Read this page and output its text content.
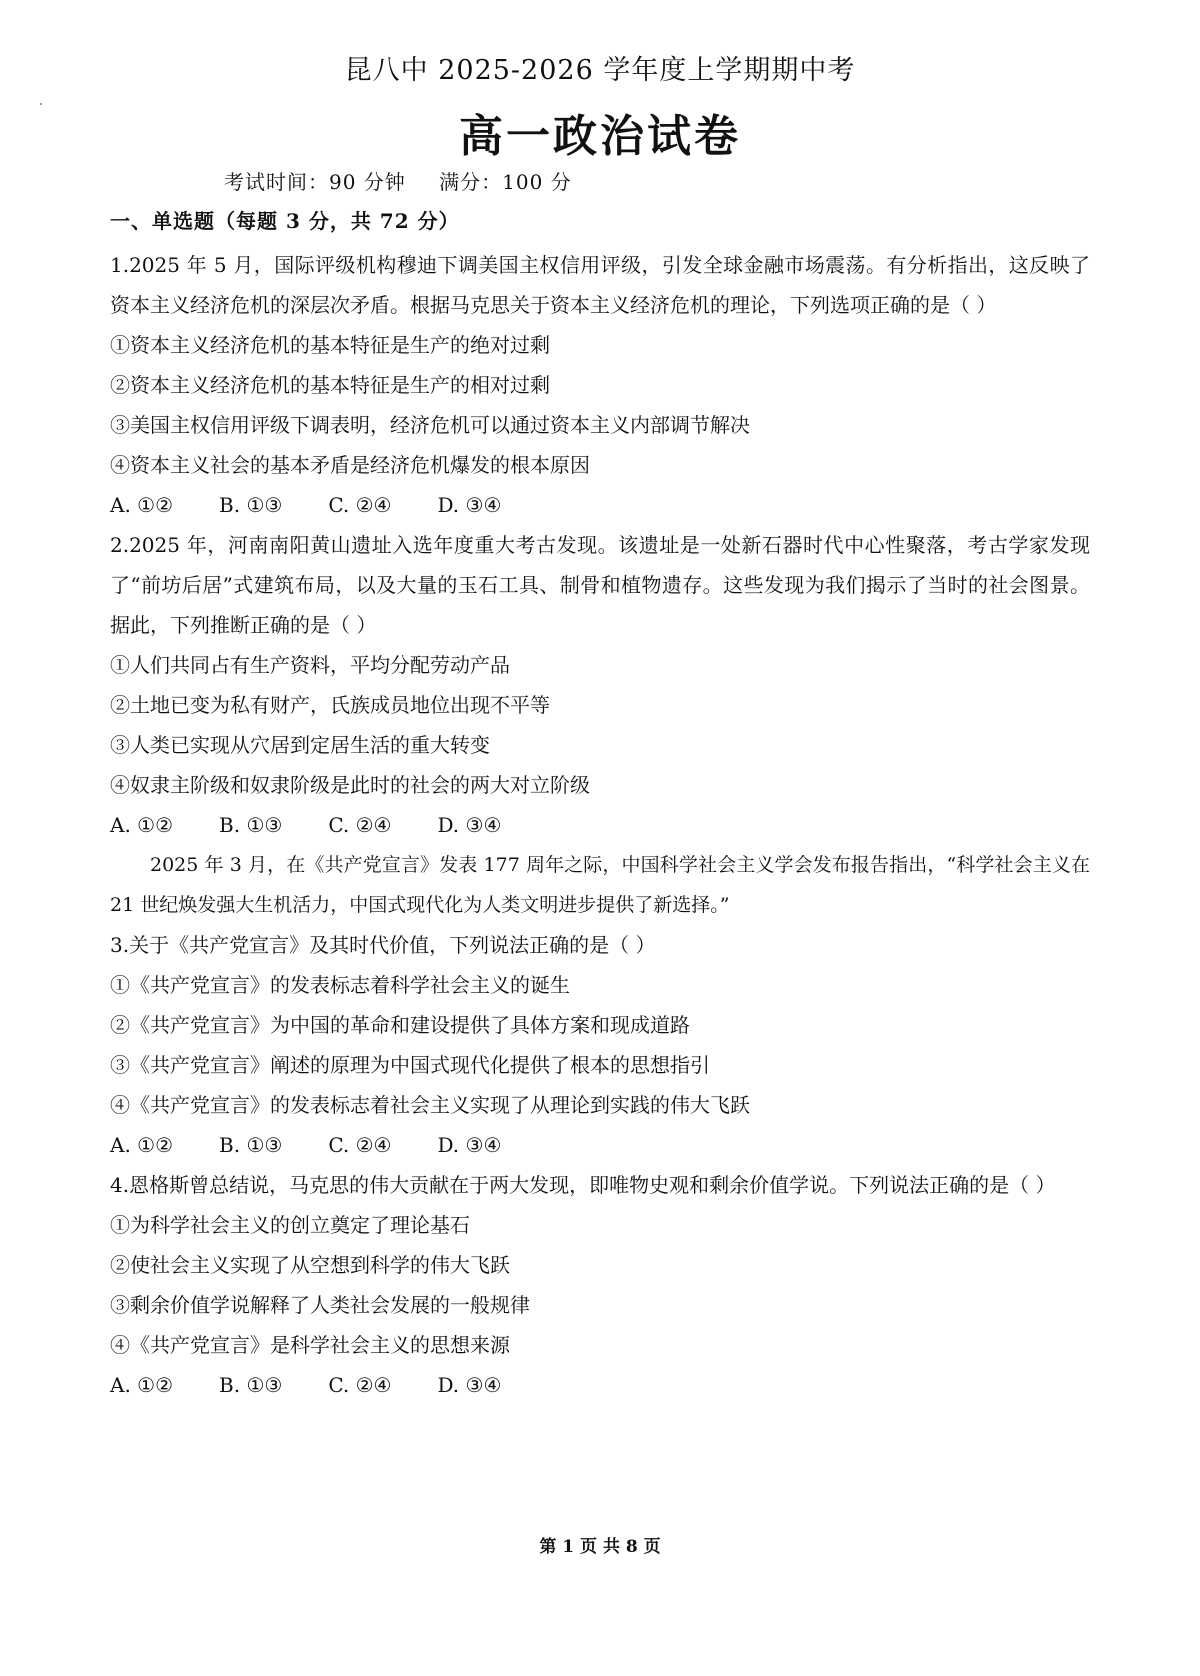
昆八中 2025-2026 学年度上学期期中考
高一政治试卷
考试时间：90 分钟 满分：100 分
一、单选题（每题 3 分，共 72 分）

1.2025 年 5 月，国际评级机构穆迪下调美国主权信用评级，引发全球金融市场震荡。有分析指出，这反映了资本主义经济危机的深层次矛盾。根据马克思关于资本主义经济危机的理论，下列选项正确的是（ ）

①资本主义经济危机的基本特征是生产的绝对过剩

②资本主义经济危机的基本特征是生产的相对过剩

③美国主权信用评级下调表明，经济危机可以通过资本主义内部调节解决

④资本主义社会的基本矛盾是经济危机爆发的根本原因

A. ①② B. ①③ C. ②④ D. ③④

2.2025 年，河南南阳黄山遗址入选年度重大考古发现。该遗址是一处新石器时代中心性聚落，考古学家发现了“前坊后居”式建筑布局，以及大量的玉石工具、制骨和植物遗存。这些发现为我们揭示了当时的社会图景。据此，下列推断正确的是（ ）

①人们共同占有生产资料，平均分配劳动产品

②土地已变为私有财产，氏族成员地位出现不平等

③人类已实现从穴居到定居生活的重大转变

④奴隶主阶级和奴隶阶级是此时的社会的两大对立阶级

A. ①② B. ①③ C. ②④ D. ③④

2025 年 3 月，在《共产党宣言》发表 177 周年之际，中国科学社会主义学会发布报告指出，“科学社会主义在 21 世纪焕发强大生机活力，中国式现代化为人类文明进步提供了新选择。”

3.关于《共产党宣言》及其时代价值，下列说法正确的是（ ）

①《共产党宣言》的发表标志着科学社会主义的诞生

②《共产党宣言》为中国的革命和建设提供了具体方案和现成道路

③《共产党宣言》阐述的原理为中国式现代化提供了根本的思想指引

④《共产党宣言》的发表标志着社会主义实现了从理论到实践的伟大飞跃

A. ①② B. ①③ C. ②④ D. ③④

4.恩格斯曾总结说，马克思的伟大贡献在于两大发现，即唯物史观和剩余价值学说。下列说法正确的是（ ）

①为科学社会主义的创立奠定了理论基石

②使社会主义实现了从空想到科学的伟大飞跃

③剩余价值学说解释了人类社会发展的一般规律

④《共产党宣言》是科学社会主义的思想来源

A. ①② B. ①③ C. ②④ D. ③④
第 1 页 共 8 页
